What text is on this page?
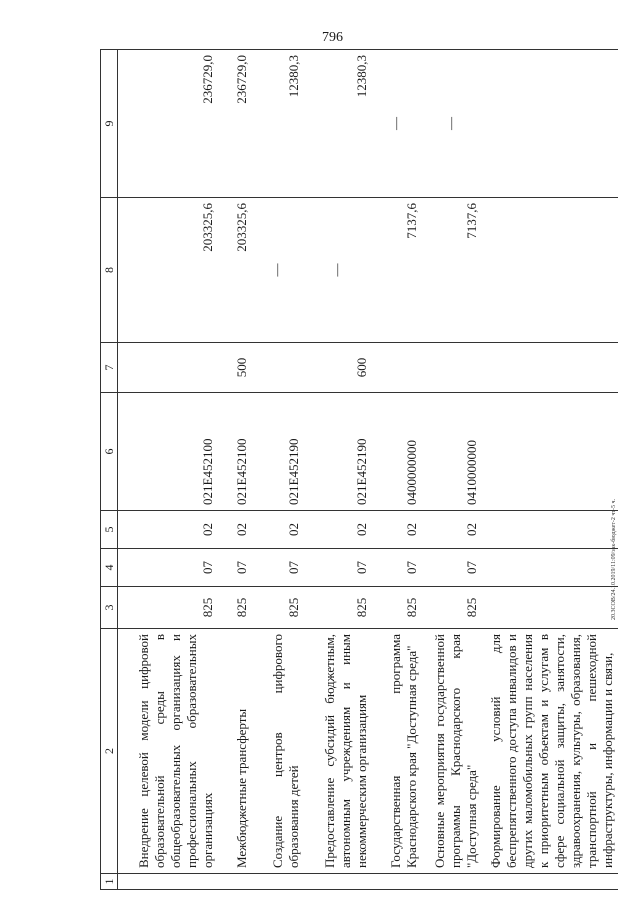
796
20.3COB/24.10.2019/11:09/зак-бюджет-2 чт-5 ч.
1	2	3	4	5	6	7	8	9
	Внедрение целевой модели цифровой образовательной среды в общеобразовательных организациях и профессиональных образовательных организациях	825	07	02	021E452100		203325,6	236729,0
	Межбюджетные трансферты	825	07	02	021E452100	500	203325,6	236729,0
	Создание центров цифрового образования детей	825	07	02	021E452190		—	12380,3
	Предоставление субсидий бюджетным, автономным учреждениям и иным некоммерческим организациям	825	07	02	021E452190	600	—	12380,3
	Государственная программа Краснодарского края "Доступная среда"	825	07	02	0400000000		7137,6	—
	Основные мероприятия государственной программы Краснодарского края "Доступная среда"	825	07	02	0410000000		7137,6	—
	Формирование условий для беспрепятственного доступа инвалидов и других маломобильных групп населения к приоритетным объектам и услугам в сфере социальной защиты, занятости, здравоохранения, культуры, образования, транспортной и пешеходной инфраструктуры, информации и связи,							
